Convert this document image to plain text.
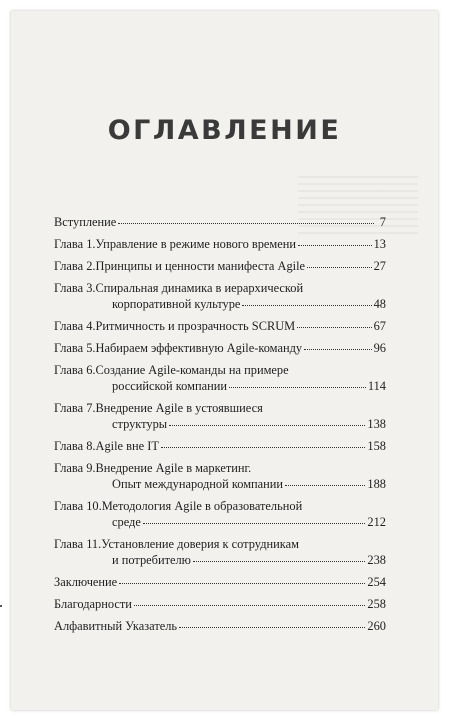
ОГЛАВЛЕНИЕ
Вступление	7
Глава 1. Управление в режиме нового времени	13
Глава 2. Принципы и ценности манифеста Agile	27
Глава 3. Спиральная динамика в иерархической
корпоративной культуре	48
Глава 4. Ритмичность и прозрачность SCRUM	67
Глава 5. Набираем эффективную Agile-команду	96
Глава 6. Создание Agile-команды на примере
российской компании	114
Глава 7. Внедрение Agile в устоявшиеся
структуры	138
Глава 8. Agile вне IT	158
Глава 9. Внедрение Agile в маркетинг.
Опыт международной компании	188
Глава 10. Методология Agile в образовательной
среде	212
Глава 11. Установление доверия к сотрудникам
и потребителю	238
Заключение	254
Благодарности	258
Алфавитный Указатель	260
